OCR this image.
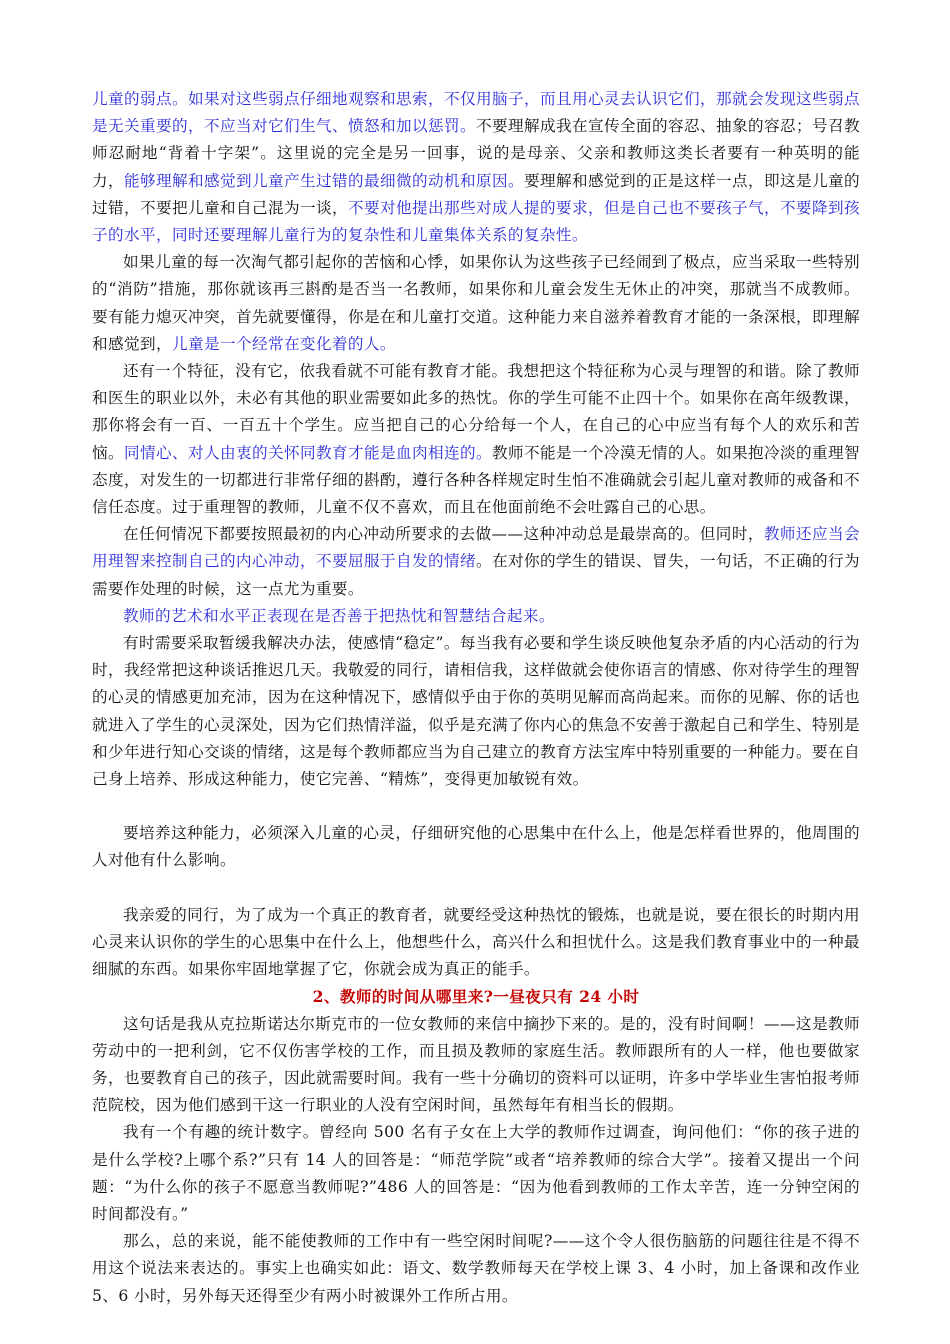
儿童的弱点。如果对这些弱点仔细地观察和思索，不仅用脑子，而且用心灵去认识它们，那就会发现这些弱点是无关重要的，不应当对它们生气、愤怒和加以惩罚。不要理解成我在宣传全面的容忍、抽象的容忍；号召教师忍耐地“背着十字架”。这里说的完全是另一回事，说的是母亲、父亲和教师这类长者要有一种英明的能力，能够理解和感觉到儿童产生过错的最细微的动机和原因。要理解和感觉到的正是这样一点，即这是儿童的过错，不要把儿童和自己混为一谈，不要对他提出那些对成人提的要求，但是自己也不要孩子气，不要降到孩子的水平，同时还要理解儿童行为的复杂性和儿童集体关系的复杂性。

如果儿童的每一次淘气都引起你的苦恼和心悸，如果你认为这些孩子已经闹到了极点，应当采取一些特别的“消防”措施，那你就该再三斟酌是否当一名教师，如果你和儿童会发生无休止的冲突，那就当不成教师。要有能力熄灭冲突，首先就要懂得，你是在和儿童打交道。这种能力来自滋养着教育才能的一条深根，即理解和感觉到，儿童是一个经常在变化着的人。

还有一个特征，没有它，依我看就不可能有教育才能。我想把这个特征称为心灵与理智的和谐。除了教师和医生的职业以外，未必有其他的职业需要如此多的热忱。你的学生可能不止四十个。如果你在高年级教课，那你将会有一百、一百五十个学生。应当把自己的心分给每一个人，在自己的心中应当有每个人的欢乐和苦恼。同情心、对人由衷的关怀同教育才能是血肉相连的。教师不能是一个冷漠无情的人。如果抱冷淡的重理智态度，对发生的一切都进行非常仔细的斟酌，遵行各种各样规定时生怕不准确就会引起儿童对教师的戒备和不信任态度。过于重理智的教师，儿童不仅不喜欢，而且在他面前绝不会吐露自己的心思。

在任何情况下都要按照最初的内心冲动所要求的去做——这种冲动总是最崇高的。但同时，教师还应当会用理智来控制自己的内心冲动，不要屈服于自发的情绪。在对你的学生的错误、冒失，一句话，不正确的行为需要作处理的时候，这一点尤为重要。

教师的艺术和水平正表现在是否善于把热忱和智慧结合起来。

有时需要采取暂缓我解决办法，使感情“稳定”。每当我有必要和学生谈反映他复杂矛盾的内心活动的行为时，我经常把这种谈话推迟几天。我敬爱的同行，请相信我，这样做就会使你语言的情感、你对待学生的理智的心灵的情感更加充沛，因为在这种情况下，感情似乎由于你的英明见解而高尚起来。而你的见解、你的话也就进入了学生的心灵深处，因为它们热情洋溢，似乎是充满了你内心的焦急不安善于激起自己和学生、特别是和少年进行知心交谈的情绪，这是每个教师都应当为自己建立的教育方法宝库中特别重要的一种能力。要在自己身上培养、形成这种能力，使它完善、“精炼”，变得更加敏锐有效。

要培养这种能力，必须深入儿童的心灵，仔细研究他的心思集中在什么上，他是怎样看世界的，他周围的人对他有什么影响。

我亲爱的同行，为了成为一个真正的教育者，就要经受这种热忱的锻炼，也就是说，要在很长的时期内用心灵来认识你的学生的心思集中在什么上，他想些什么，高兴什么和担忧什么。这是我们教育事业中的一种最细腻的东西。如果你牢固地掌握了它，你就会成为真正的能手。

2、教师的时间从哪里来?一昼夜只有 24 小时

这句话是我从克拉斯诺达尔斯克市的一位女教师的来信中摘抄下来的。是的，没有时间啊！——这是教师劳动中的一把利剑，它不仅伤害学校的工作，而且损及教师的家庭生活。教师跟所有的人一样，他也要做家务，也要教育自己的孩子，因此就需要时间。我有一些十分确切的资料可以证明，许多中学毕业生害怕报考师范院校，因为他们感到干这一行职业的人没有空闲时间，虽然每年有相当长的假期。

我有一个有趣的统计数字。曾经向 500 名有子女在上大学的教师作过调查，询问他们：“你的孩子进的是什么学校?上哪个系?”只有 14 人的回答是：“师范学院”或者“培养教师的综合大学”。接着又提出一个问题：“为什么你的孩子不愿意当教师呢?”486 人的回答是：“因为他看到教师的工作太辛苦，连一分钟空闲的时间都没有。”

那么，总的来说，能不能使教师的工作中有一些空闲时间呢?——这个令人很伤脑筋的问题往往是不得不用这个说法来表达的。事实上也确实如此：语文、数学教师每天在学校上课 3、4 小时，加上备课和改作业 5、6 小时，另外每天还得至少有两小时被课外工作所占用。
